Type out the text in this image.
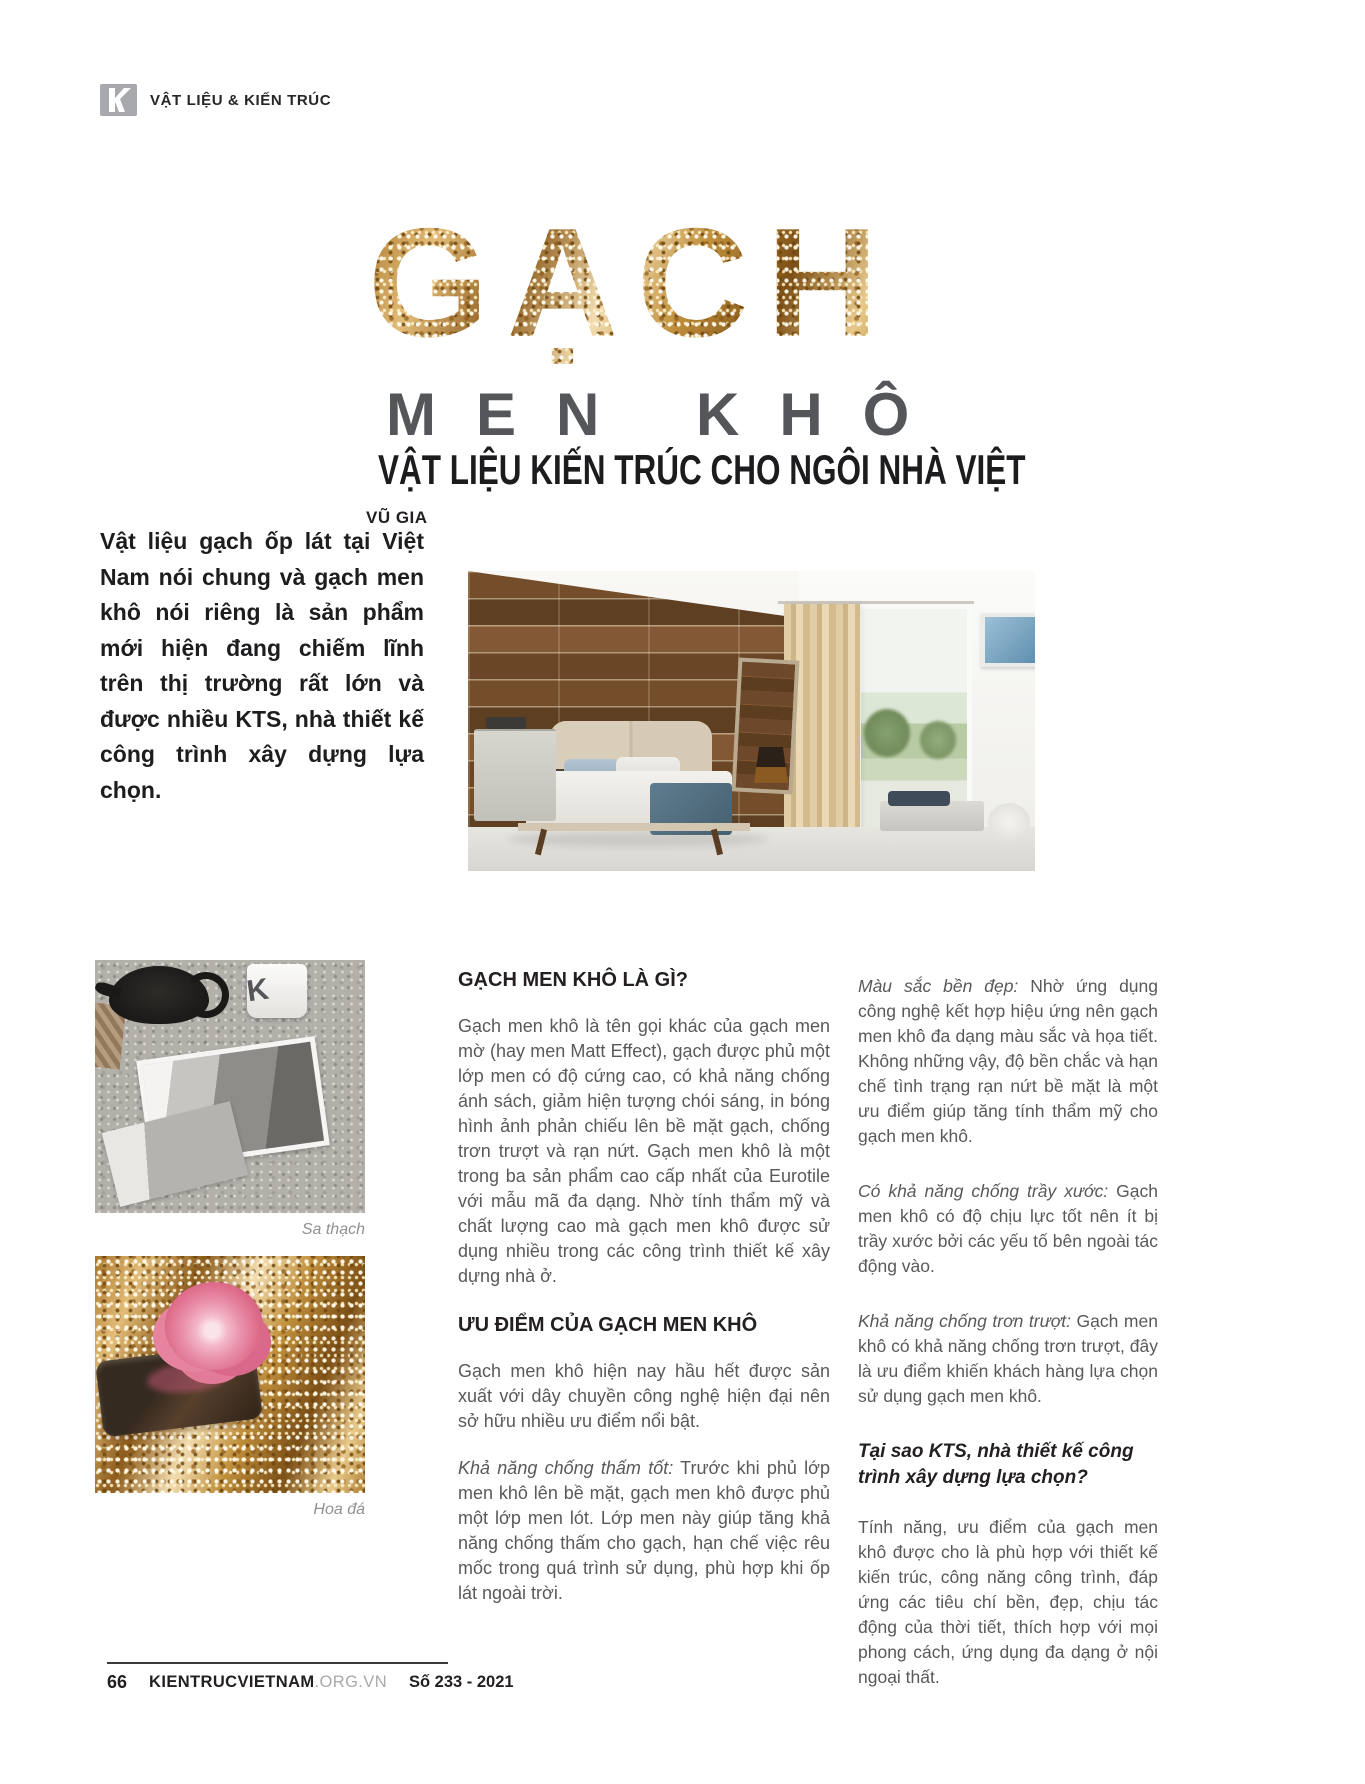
VẬT LIỆU & KIẾN TRÚC
GẠCH
MEN KHÔ
VẬT LIỆU KIẾN TRÚC CHO NGÔI NHÀ VIỆT
VŨ GIA

Vật liệu gạch ốp lát tại Việt Nam nói chung và gạch men khô nói riêng là sản phẩm mới hiện đang chiếm lĩnh trên thị trường rất lớn và được nhiều KTS, nhà thiết kế công trình xây dựng lựa chọn.

K
Sa thạch
Hoa đá
GẠCH MEN KHÔ LÀ GÌ?

Gạch men khô là tên gọi khác của gạch men mờ (hay men Matt Effect), gạch được phủ một lớp men có độ cứng cao, có khả năng chống ánh sách, giảm hiện tượng chói sáng, in bóng hình ảnh phản chiếu lên bề mặt gạch, chống trơn trượt và rạn nứt. Gạch men khô là một trong ba sản phẩm cao cấp nhất của Eurotile với mẫu mã đa dạng. Nhờ tính thẩm mỹ và chất lượng cao mà gạch men khô được sử dụng nhiều trong các công trình thiết kế xây dựng nhà ở.

ƯU ĐIỂM CỦA GẠCH MEN KHÔ

Gạch men khô hiện nay hầu hết được sản xuất với dây chuyền công nghệ hiện đại nên sở hữu nhiều ưu điểm nổi bật.

Khả năng chống thấm tốt: Trước khi phủ lớp men khô lên bề mặt, gạch men khô được phủ một lớp men lót. Lớp men này giúp tăng khả năng chống thấm cho gạch, hạn chế việc rêu mốc trong quá trình sử dụng, phù hợp khi ốp lát ngoài trời.

Màu sắc bền đẹp: Nhờ ứng dụng công nghệ kết hợp hiệu ứng nên gạch men khô đa dạng màu sắc và họa tiết. Không những vậy, độ bền chắc và hạn chế tình trạng rạn nứt bề mặt là một ưu điểm giúp tăng tính thẩm mỹ cho gạch men khô.

Có khả năng chống trầy xước: Gạch men khô có độ chịu lực tốt nên ít bị trầy xước bởi các yếu tố bên ngoài tác động vào.

Khả năng chống trơn trượt: Gạch men khô có khả năng chống trơn trượt, đây là ưu điểm khiến khách hàng lựa chọn sử dụng gạch men khô.

Tại sao KTS, nhà thiết kế công trình xây dựng lựa chọn?

Tính năng, ưu điểm của gạch men khô được cho là phù hợp với thiết kế kiến trúc, công năng công trình, đáp ứng các tiêu chí bền, đẹp, chịu tác động của thời tiết, thích hợp với mọi phong cách, ứng dụng đa dạng ở nội ngoại thất.

66 KIENTRUCVIETNAM.ORG.VN Số 233 - 2021
